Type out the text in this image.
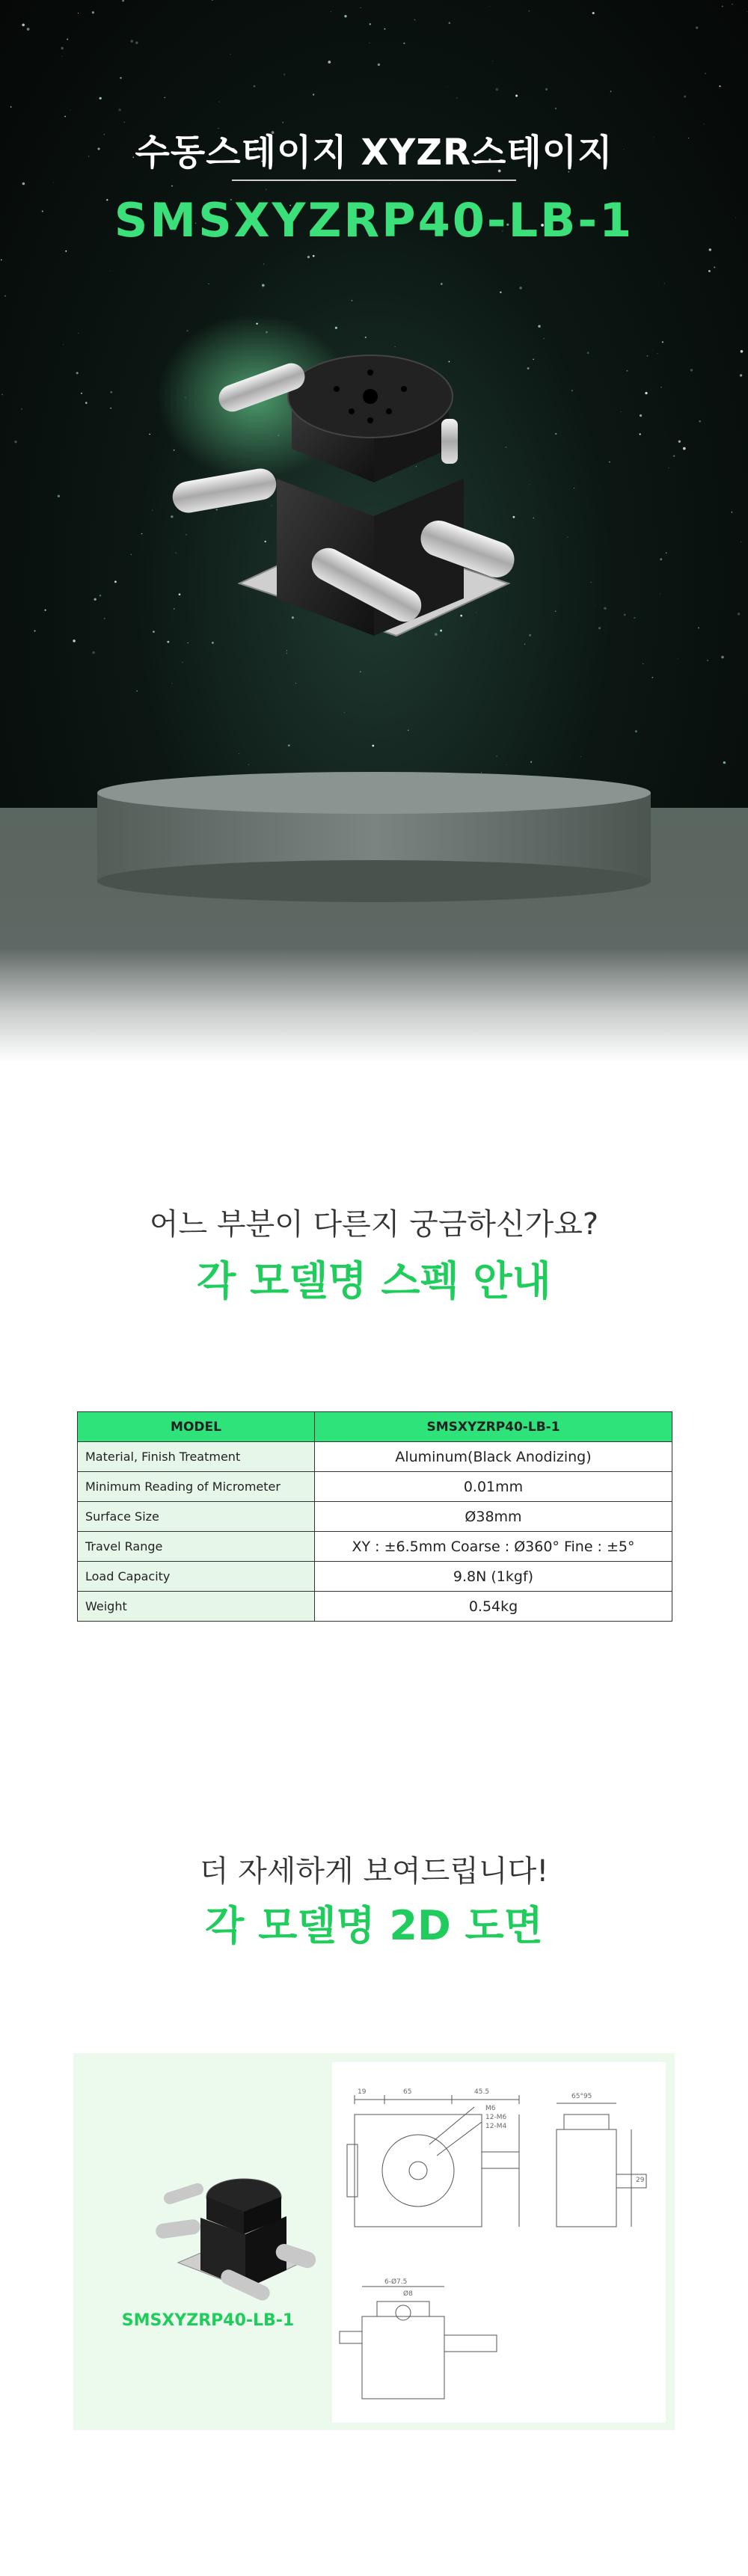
수동스테이지 XYZR스테이지
SMSXYZRP40-LB-1
어느 부분이 다른지 궁금하신가요?
각 모델명 스펙 안내
MODEL	SMSXYZRP40-LB-1
Material, Finish Treatment	Aluminum(Black Anodizing)
Minimum Reading of Micrometer	0.01mm
Surface Size	Ø38mm
Travel Range	XY : ±6.5mm Coarse : Ø360° Fine : ±5°
Load Capacity	9.8N (1kgf)
Weight	0.54kg
더 자세하게 보여드립니다!
각 모델명 2D 도면
SMSXYZRP40-LB-1
19	65	45.5
M6
12-M6
12-M4
65°95
29
6-Ø7.5
Ø8
